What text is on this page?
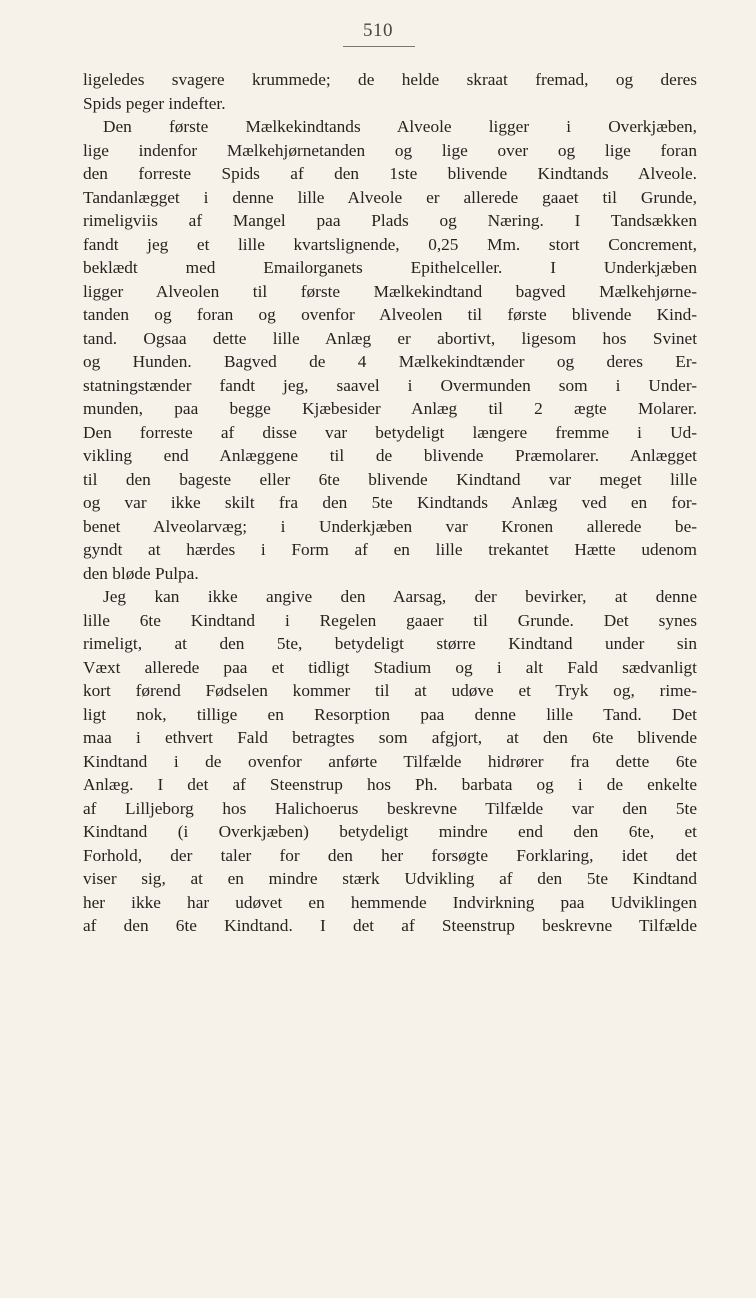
510
ligeledes svagere krummede; de helde skraat fremad, og deres
Spids peger indefter.
Den første Mælkekindtands Alveole ligger i Overkjæben,
lige indenfor Mælkehjørnetanden og lige over og lige foran
den forreste Spids af den 1ste blivende Kindtands Alveole.
Tandanlægget i denne lille Alveole er allerede gaaet til Grunde,
rimeligviis af Mangel paa Plads og Næring. I Tandsækken
fandt jeg et lille kvartslignende, 0,25 Mm. stort Concrement,
beklædt med Emailorganets Epithelceller. I Underkjæben
ligger Alveolen til første Mælkekindtand bagved Mælkehjørne-
tanden og foran og ovenfor Alveolen til første blivende Kind-
tand. Ogsaa dette lille Anlæg er abortivt, ligesom hos Svinet
og Hunden. Bagved de 4 Mælkekindtænder og deres Er-
statningstænder fandt jeg, saavel i Overmunden som i Under-
munden, paa begge Kjæbesider Anlæg til 2 ægte Molarer.
Den forreste af disse var betydeligt længere fremme i Ud-
vikling end Anlæggene til de blivende Præmolarer. Anlægget
til den bageste eller 6te blivende Kindtand var meget lille
og var ikke skilt fra den 5te Kindtands Anlæg ved en for-
benet Alveolarvæg; i Underkjæben var Kronen allerede be-
gyndt at hærdes i Form af en lille trekantet Hætte udenom
den bløde Pulpa.
Jeg kan ikke angive den Aarsag, der bevirker, at denne
lille 6te Kindtand i Regelen gaaer til Grunde. Det synes
rimeligt, at den 5te, betydeligt større Kindtand under sin
Væxt allerede paa et tidligt Stadium og i alt Fald sædvanligt
kort førend Fødselen kommer til at udøve et Tryk og, rime-
ligt nok, tillige en Resorption paa denne lille Tand. Det
maa i ethvert Fald betragtes som afgjort, at den 6te blivende
Kindtand i de ovenfor anførte Tilfælde hidrører fra dette 6te
Anlæg. I det af Steenstrup hos Ph. barbata og i de enkelte
af Lilljeborg hos Halichoerus beskrevne Tilfælde var den 5te
Kindtand (i Overkjæben) betydeligt mindre end den 6te, et
Forhold, der taler for den her forsøgte Forklaring, idet det
viser sig, at en mindre stærk Udvikling af den 5te Kindtand
her ikke har udøvet en hemmende Indvirkning paa Udviklingen
af den 6te Kindtand. I det af Steenstrup beskrevne Tilfælde
